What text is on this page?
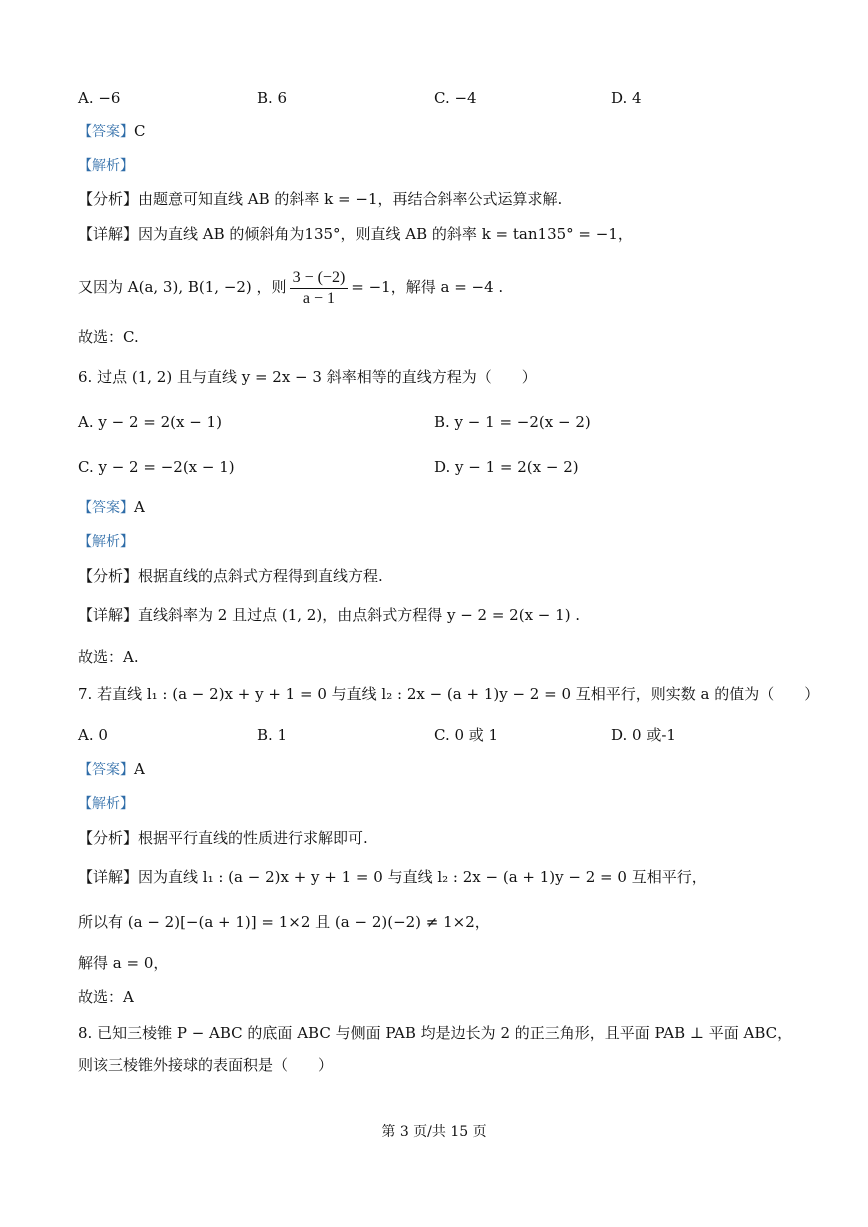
A. −6	B. 6	C. −4	D. 4
【答案】C
【解析】
【分析】由题意可知直线 AB 的斜率 k = −1，再结合斜率公式运算求解.
【详解】因为直线 AB 的倾斜角为135°，则直线 AB 的斜率 k = tan135° = −1，
又因为 A(a, 3), B(1, −2) ，则 $\frac{3 - (-2)}{a - 1} = -1$，解得 a = −4 .
故选：C.
6. 过点 (1, 2) 且与直线 y = 2x − 3 斜率相等的直线方程为（　　）
A. y − 2 = 2(x − 1)	B. y − 1 = −2(x − 2)
C. y − 2 = −2(x − 1)	D. y − 1 = 2(x − 2)
【答案】A
【解析】
【分析】根据直线的点斜式方程得到直线方程.
【详解】直线斜率为 2 且过点 (1, 2)，由点斜式方程得 y − 2 = 2(x − 1) .
故选：A.
7. 若直线 l₁ : (a − 2)x + y + 1 = 0 与直线 l₂ : 2x − (a + 1)y − 2 = 0 互相平行，则实数 a 的值为（　　）
A. 0	B. 1	C. 0 或 1	D. 0 或-1
【答案】A
【解析】
【分析】根据平行直线的性质进行求解即可.
【详解】因为直线 l₁ : (a − 2)x + y + 1 = 0 与直线 l₂ : 2x − (a + 1)y − 2 = 0 互相平行，
所以有 (a − 2)[−(a + 1)] = 1×2 且 (a − 2)(−2) ≠ 1×2，
解得 a = 0，
故选：A
8. 已知三棱锥 P − ABC 的底面 ABC 与侧面 PAB 均是边长为 2 的正三角形，且平面 PAB ⊥ 平面 ABC，
则该三棱锥外接球的表面积是（　　）
第 3 页/共 15 页
